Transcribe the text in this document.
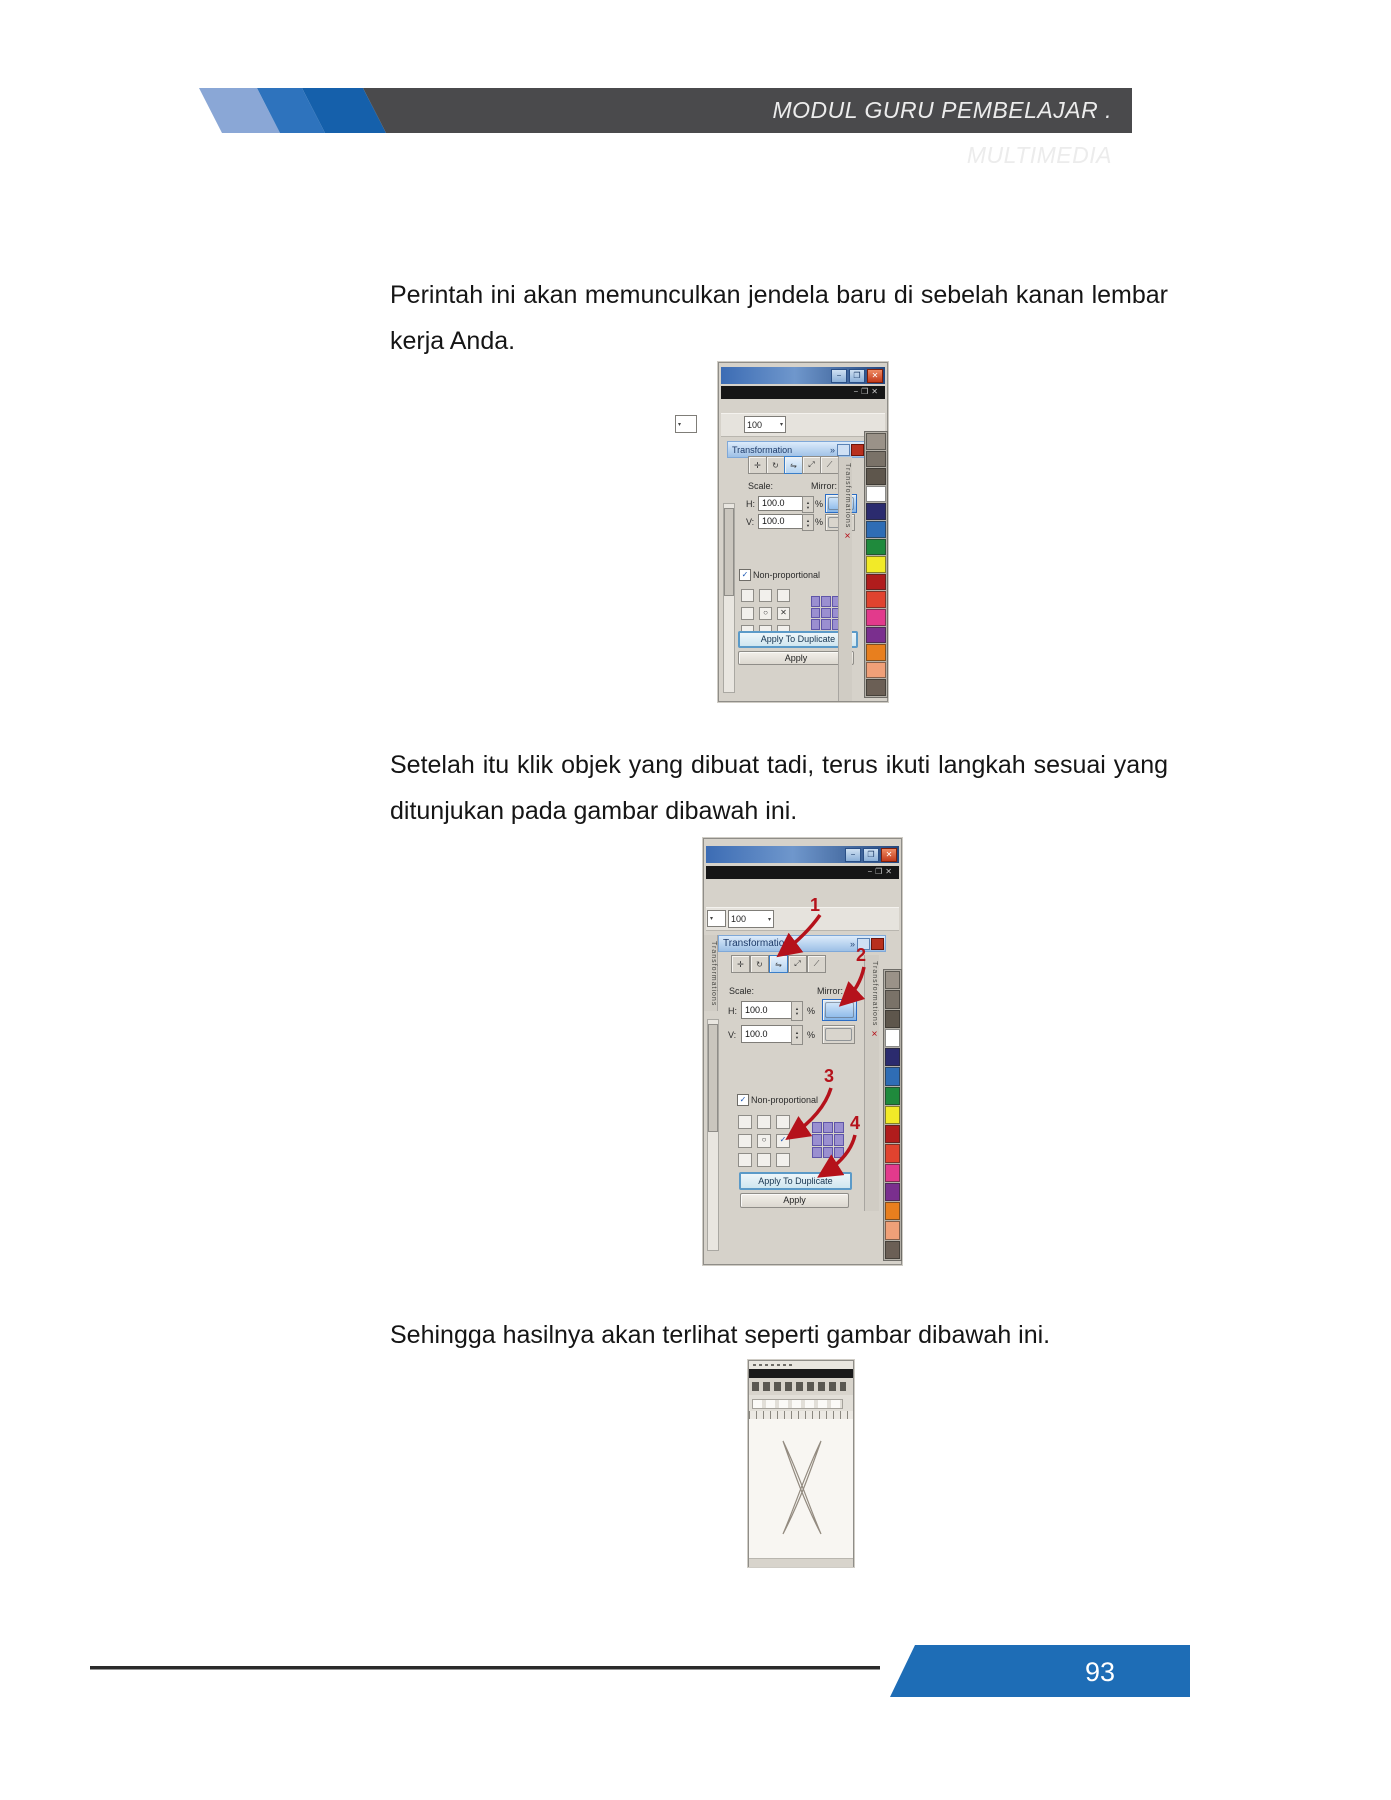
MODUL GURU PEMBELAJAR . MULTIMEDIA
Perintah ini akan memunculkan jendela baru di sebelah kanan lembar kerja Anda.
Setelah itu klik objek yang dibuat tadi, terus ikuti langkah sesuai yang ditunjukan pada gambar dibawah ini.
Sehingga hasilnya akan terlihat seperti gambar dibawah ini.
▾
−	❐	✕
−❐✕
100	▾
Transformation	»
✛	↻	⇋	⤢	⟋
Scale:	Mirror:
H: 100.0	▲
▼ %
V: 100.0	▲
▼ %
✓ Non-proportional
○	✕
Apply To Duplicate
Apply
Transformations ✕
−	❐	✕
−❐✕
▾ 100	▾
Transformation	»
✛	↻	⇋	⤢	⟋
Scale:	Mirror:
H: 100.0	▲
▼ %
V: 100.0	▲
▼ %
✓ Non-proportional
○	✓
Apply To Duplicate
Apply
Transformations	Transformations ✕
1
2
3
4
93
